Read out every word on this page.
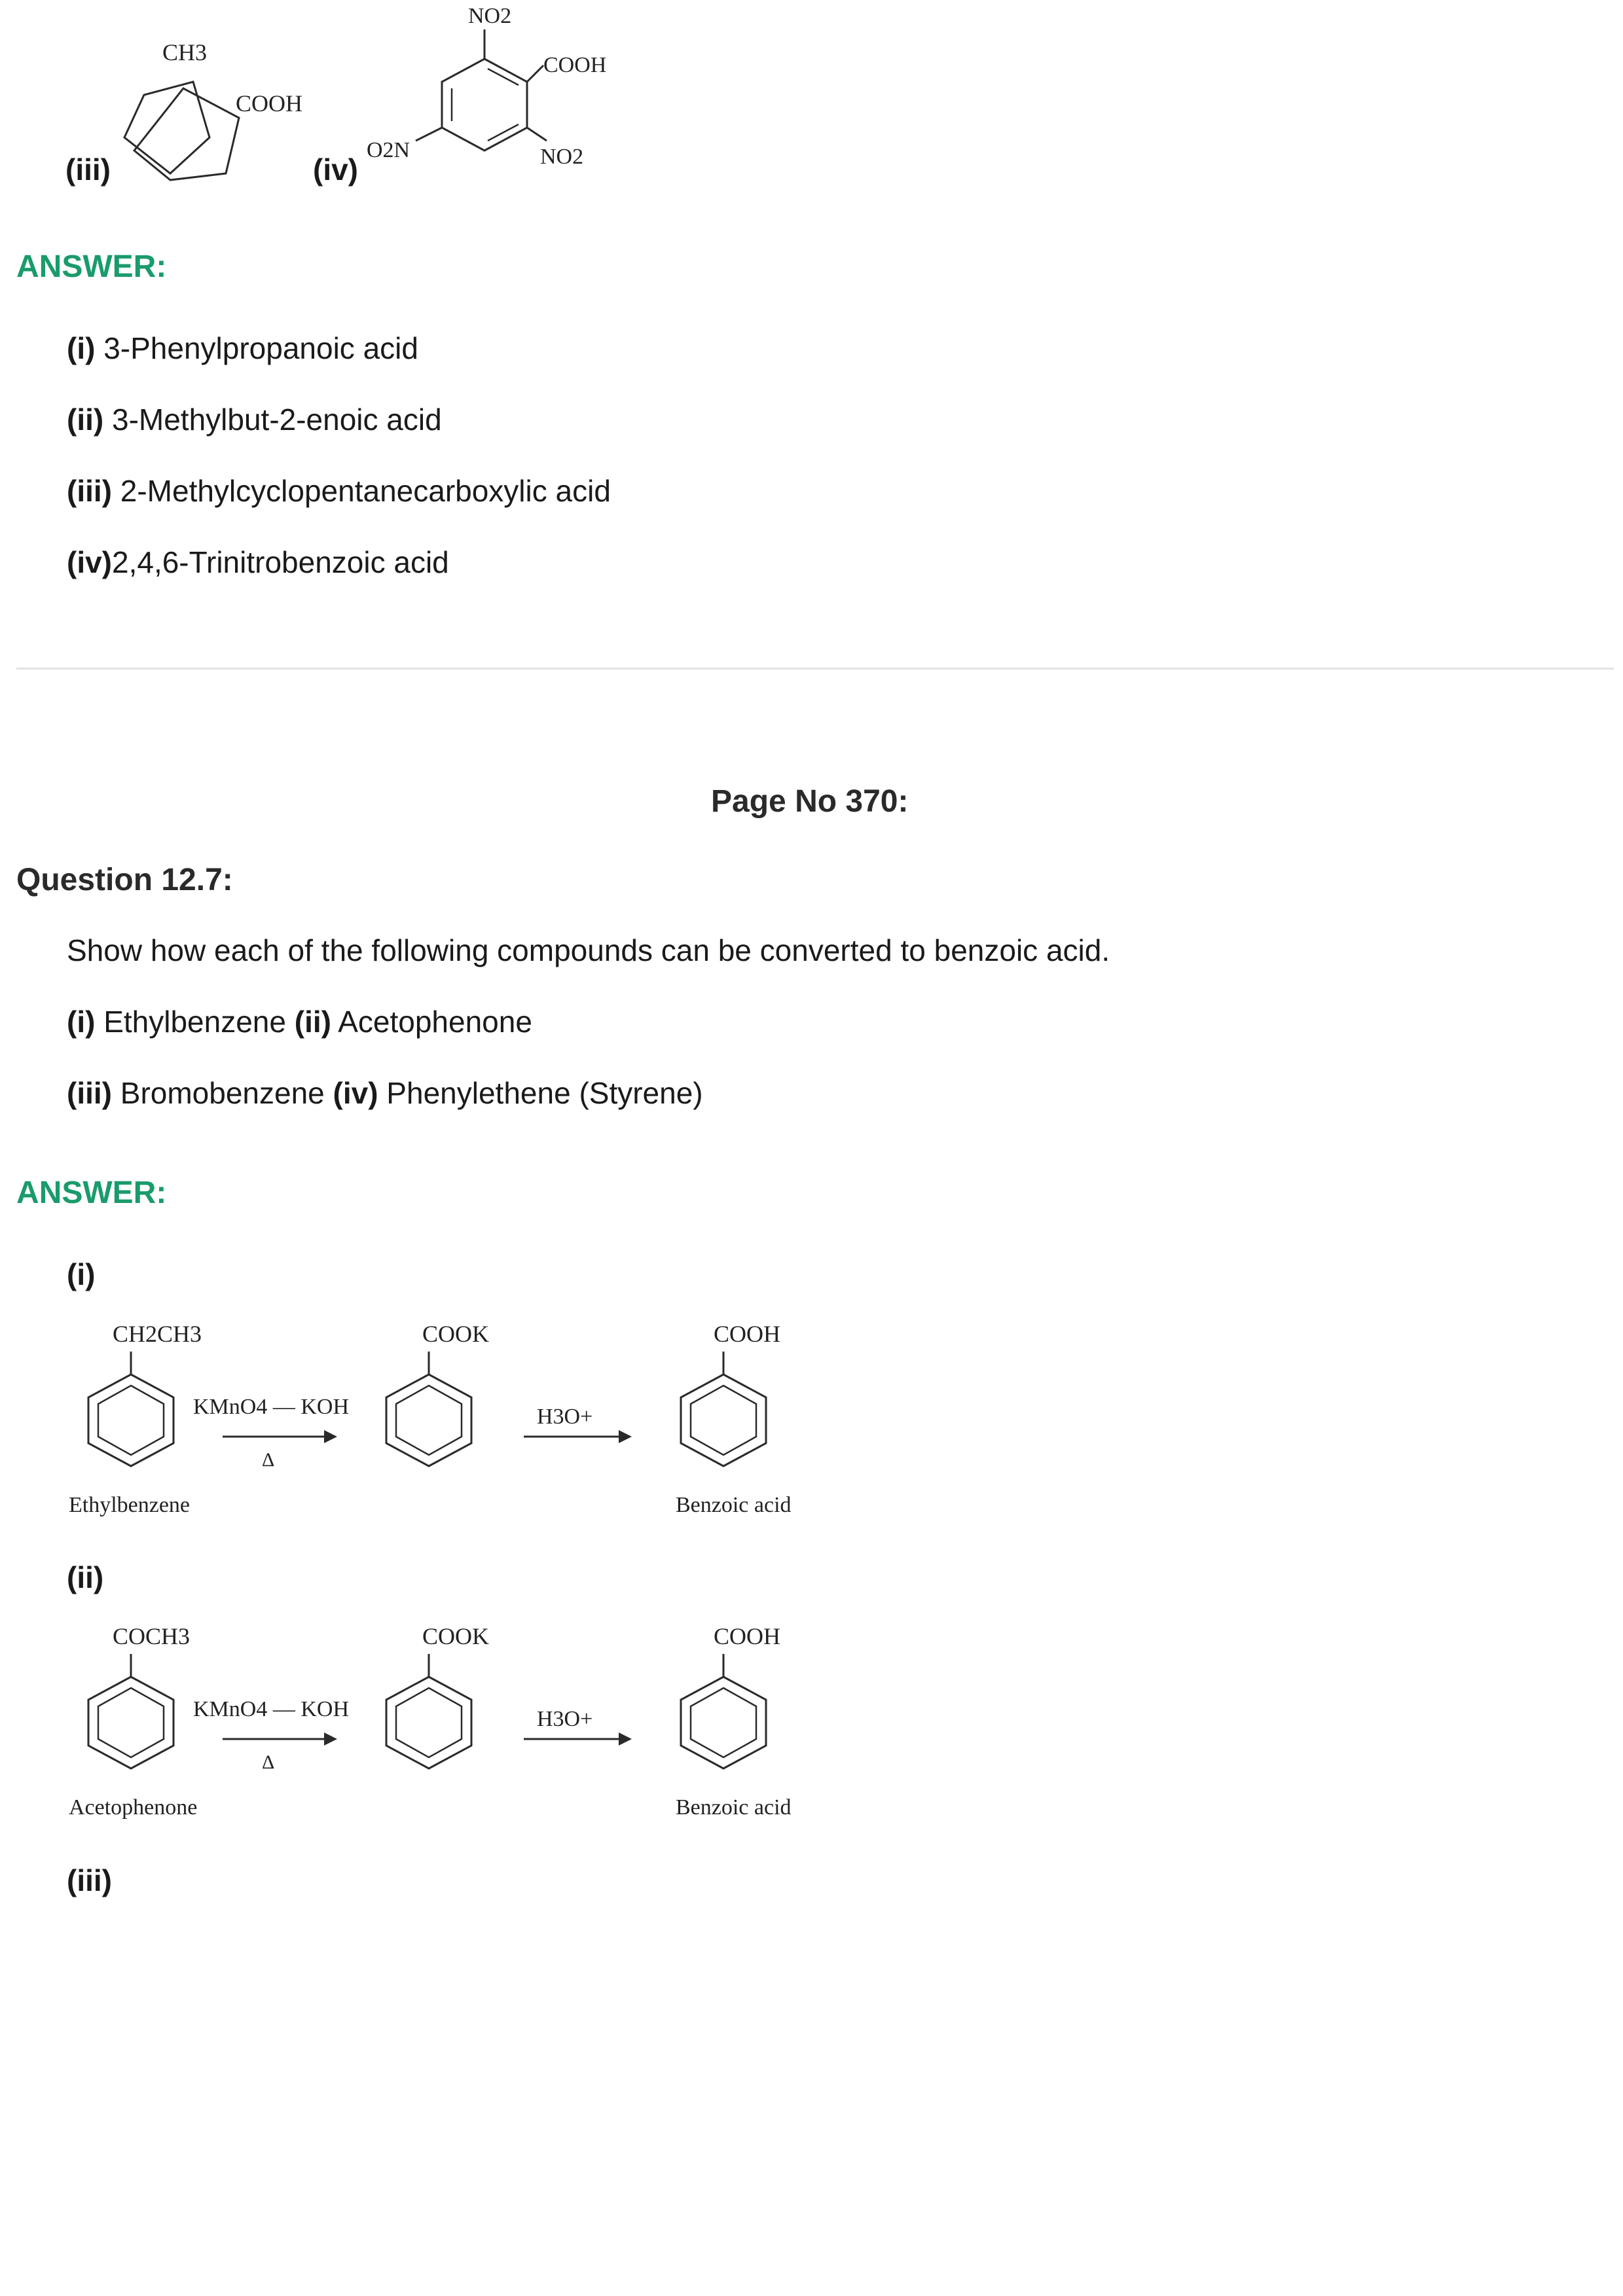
CH3
COOH
NO2
COOH
O2N	NO2
(iii)	(iv)
ANSWER:
(i) 3-Phenylpropanoic acid
(ii) 3-Methylbut-2-enoic acid
(iii) 2-Methylcyclopentanecarboxylic acid
(iv)2,4,6-Trinitrobenzoic acid
Page No 370:
Question 12.7:
Show how each of the following compounds can be converted to benzoic acid.
(i) Ethylbenzene (ii) Acetophenone
(iii) Bromobenzene (iv) Phenylethene (Styrene)
ANSWER:
(i)
CH2CH3
KMnO4 — KOH
Δ
COOK
H3O+
COOH
Ethylbenzene	Benzoic acid
(ii)
COCH3
KMnO4 — KOH
Δ
COOK
H3O+
COOH
Acetophenone	Benzoic acid
(iii)
